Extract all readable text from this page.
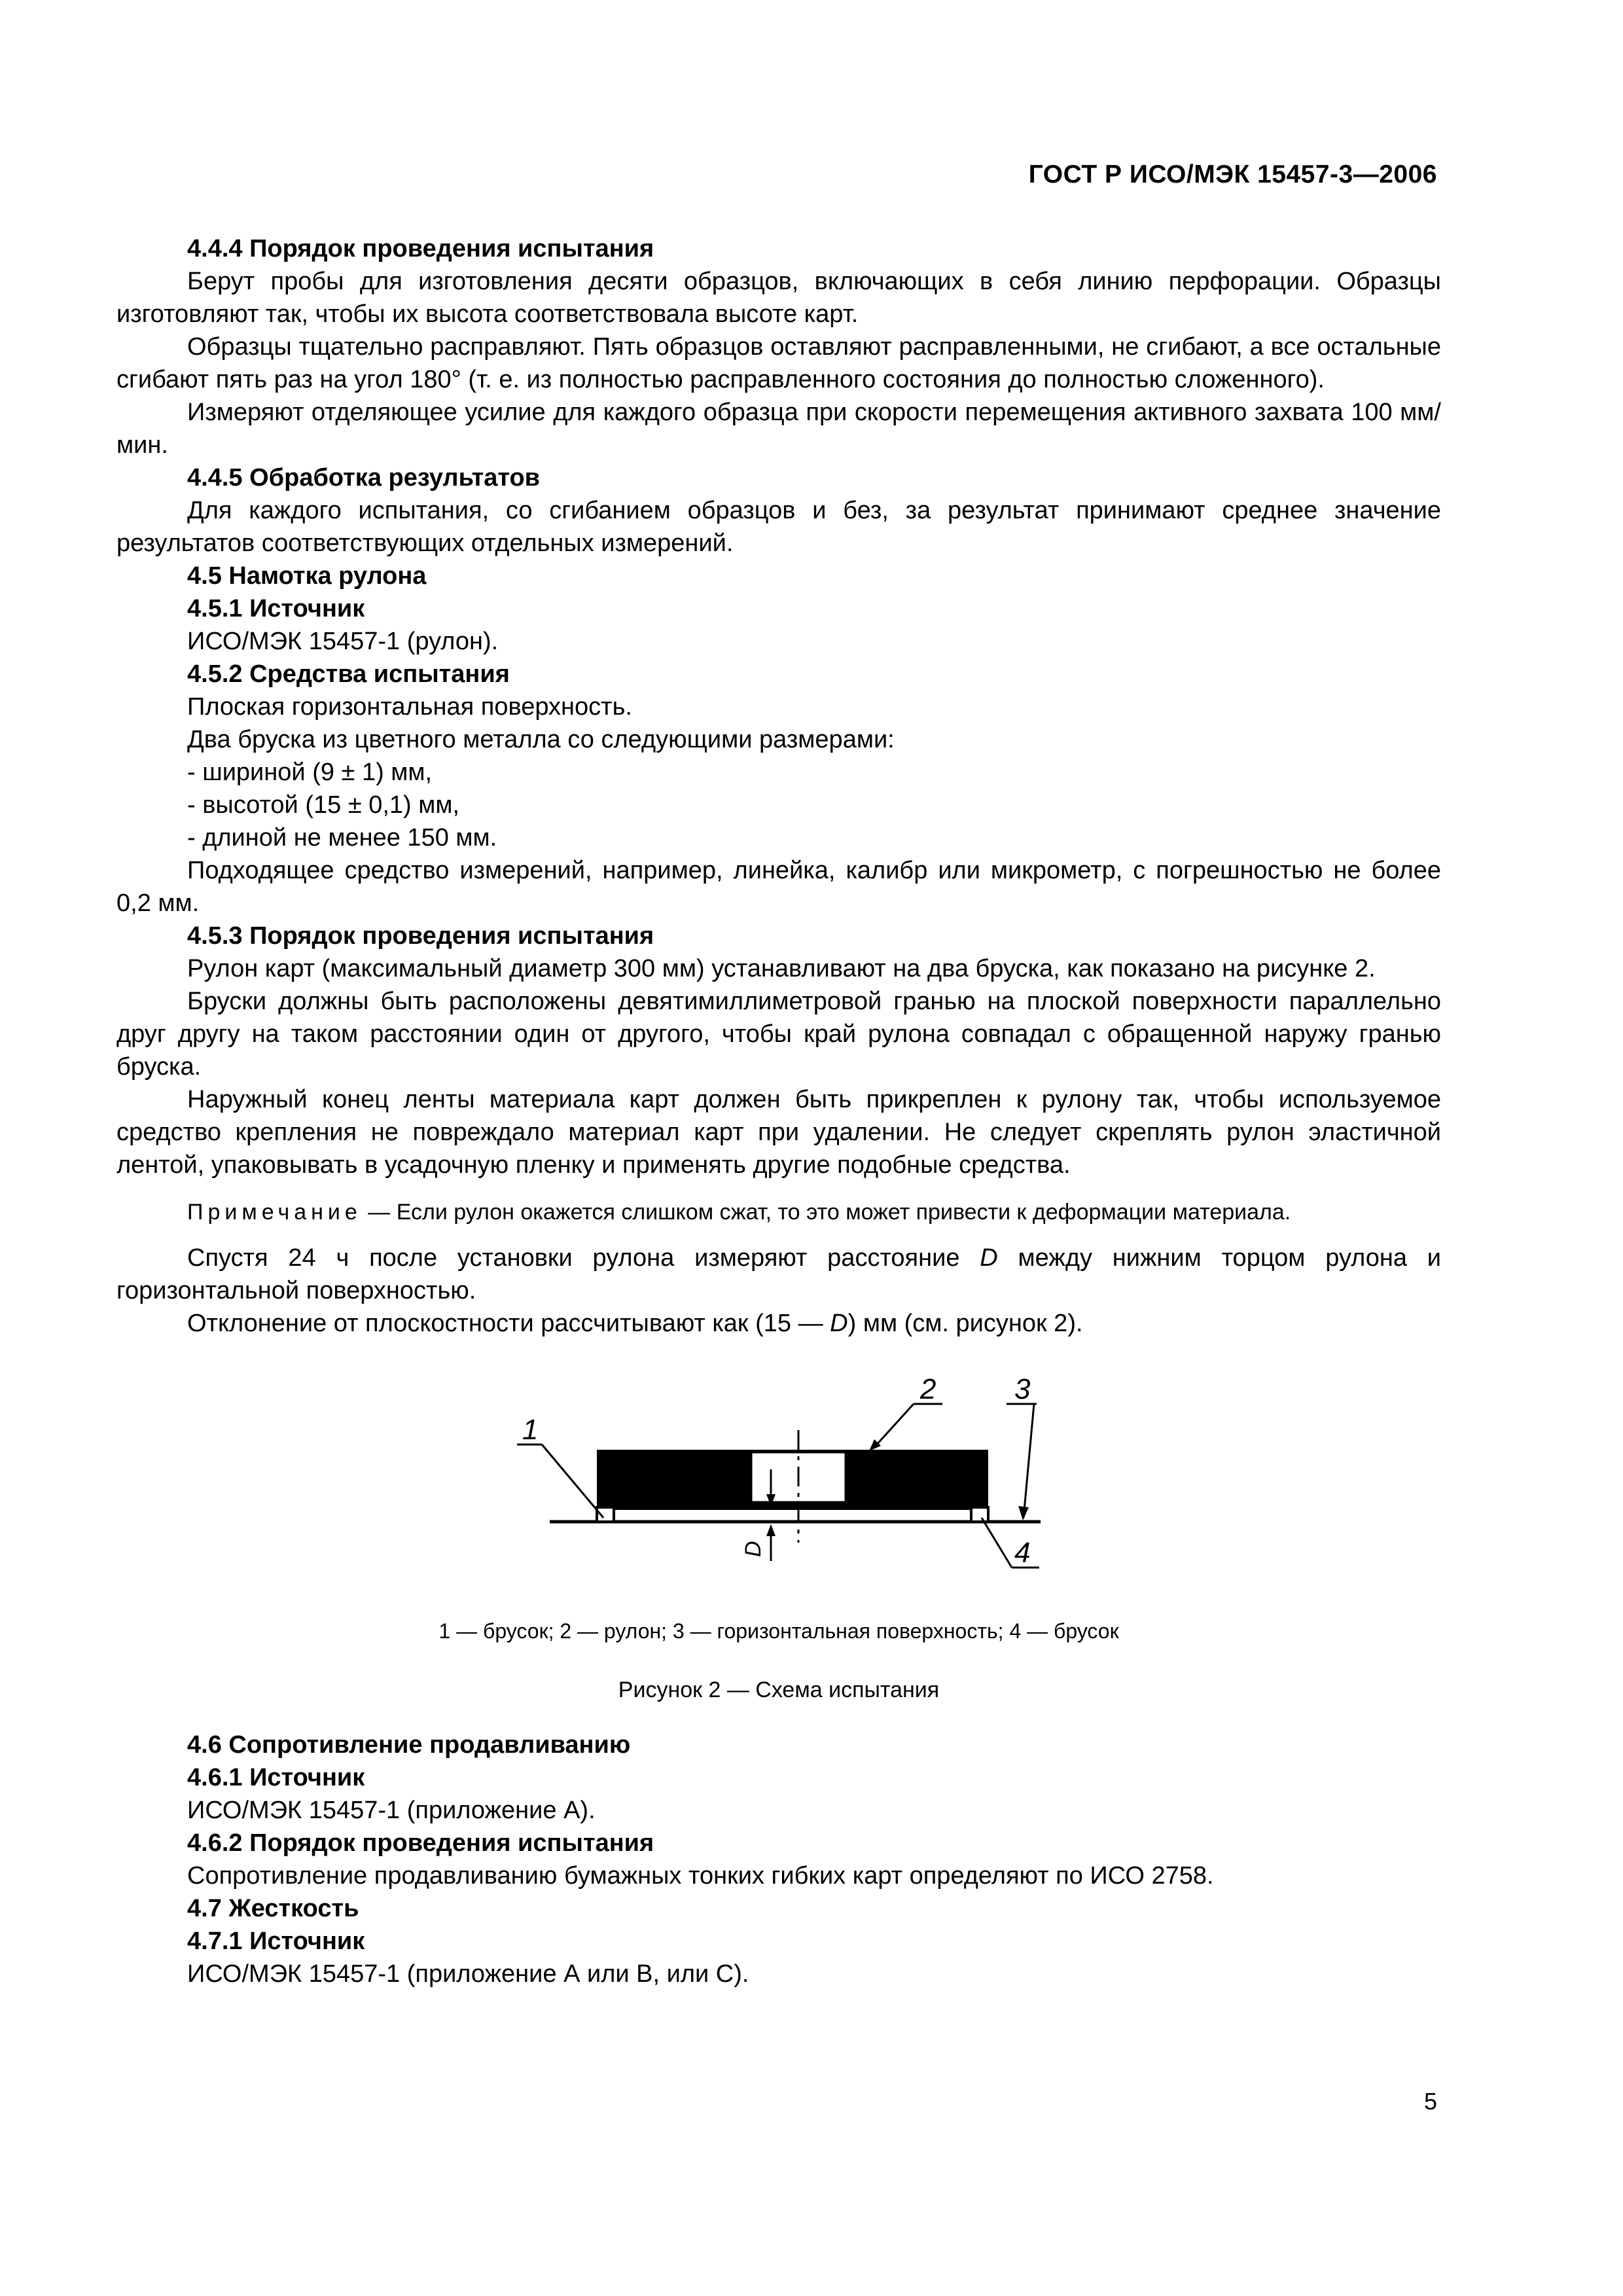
ГОСТ Р ИСО/МЭК 15457-3—2006

4.4.4 Порядок проведения испытания

Берут пробы для изготовления десяти образцов, включающих в себя линию перфорации. Образцы изготовляют так, чтобы их высота соответствовала высоте карт.

Образцы тщательно расправляют. Пять образцов оставляют расправленными, не сгибают, а все остальные сгибают пять раз на угол 180° (т. е. из полностью расправленного состояния до полностью сложенного).

Измеряют отделяющее усилие для каждого образца при скорости перемещения активного захвата 100 мм/мин.

4.4.5 Обработка результатов

Для каждого испытания, со сгибанием образцов и без, за результат принимают среднее значение результатов соответствующих отдельных измерений.

4.5 Намотка рулона

4.5.1 Источник

ИСО/МЭК 15457-1 (рулон).

4.5.2 Средства испытания

Плоская горизонтальная поверхность.

Два бруска из цветного металла со следующими размерами:

- шириной (9 ± 1) мм,

- высотой (15 ± 0,1) мм,

- длиной не менее 150 мм.

Подходящее средство измерений, например, линейка, калибр или микрометр, с погрешностью не более 0,2 мм.

4.5.3 Порядок проведения испытания

Рулон карт (максимальный диаметр 300 мм) устанавливают на два бруска, как показано на рисунке 2.

Бруски должны быть расположены девятимиллиметровой гранью на плоской поверхности параллельно друг другу на таком расстоянии один от другого, чтобы край рулона совпадал с обращенной наружу гранью бруска.

Наружный конец ленты материала карт должен быть прикреплен к рулону так, чтобы используемое средство крепления не повреждало материал карт при удалении. Не следует скреплять рулон эластичной лентой, упаковывать в усадочную пленку и применять другие подобные средства.

Примечание — Если рулон окажется слишком сжат, то это может привести к деформации материала.

Спустя 24 ч после установки рулона измеряют расстояние D между нижним торцом рулона и горизонтальной поверхностью.

Отклонение от плоскостности рассчитывают как (15 — D) мм (см. рисунок 2).

D
1
2	3
4
1 — брусок; 2 — рулон; 3 — горизонтальная поверхность; 4 — брусок
Рисунок 2 — Схема испытания

4.6 Сопротивление продавливанию

4.6.1 Источник

ИСО/МЭК 15457-1 (приложение А).

4.6.2 Порядок проведения испытания

Сопротивление продавливанию бумажных тонких гибких карт определяют по ИСО 2758.

4.7 Жесткость

4.7.1 Источник

ИСО/МЭК 15457-1 (приложение А или В, или С).

5
